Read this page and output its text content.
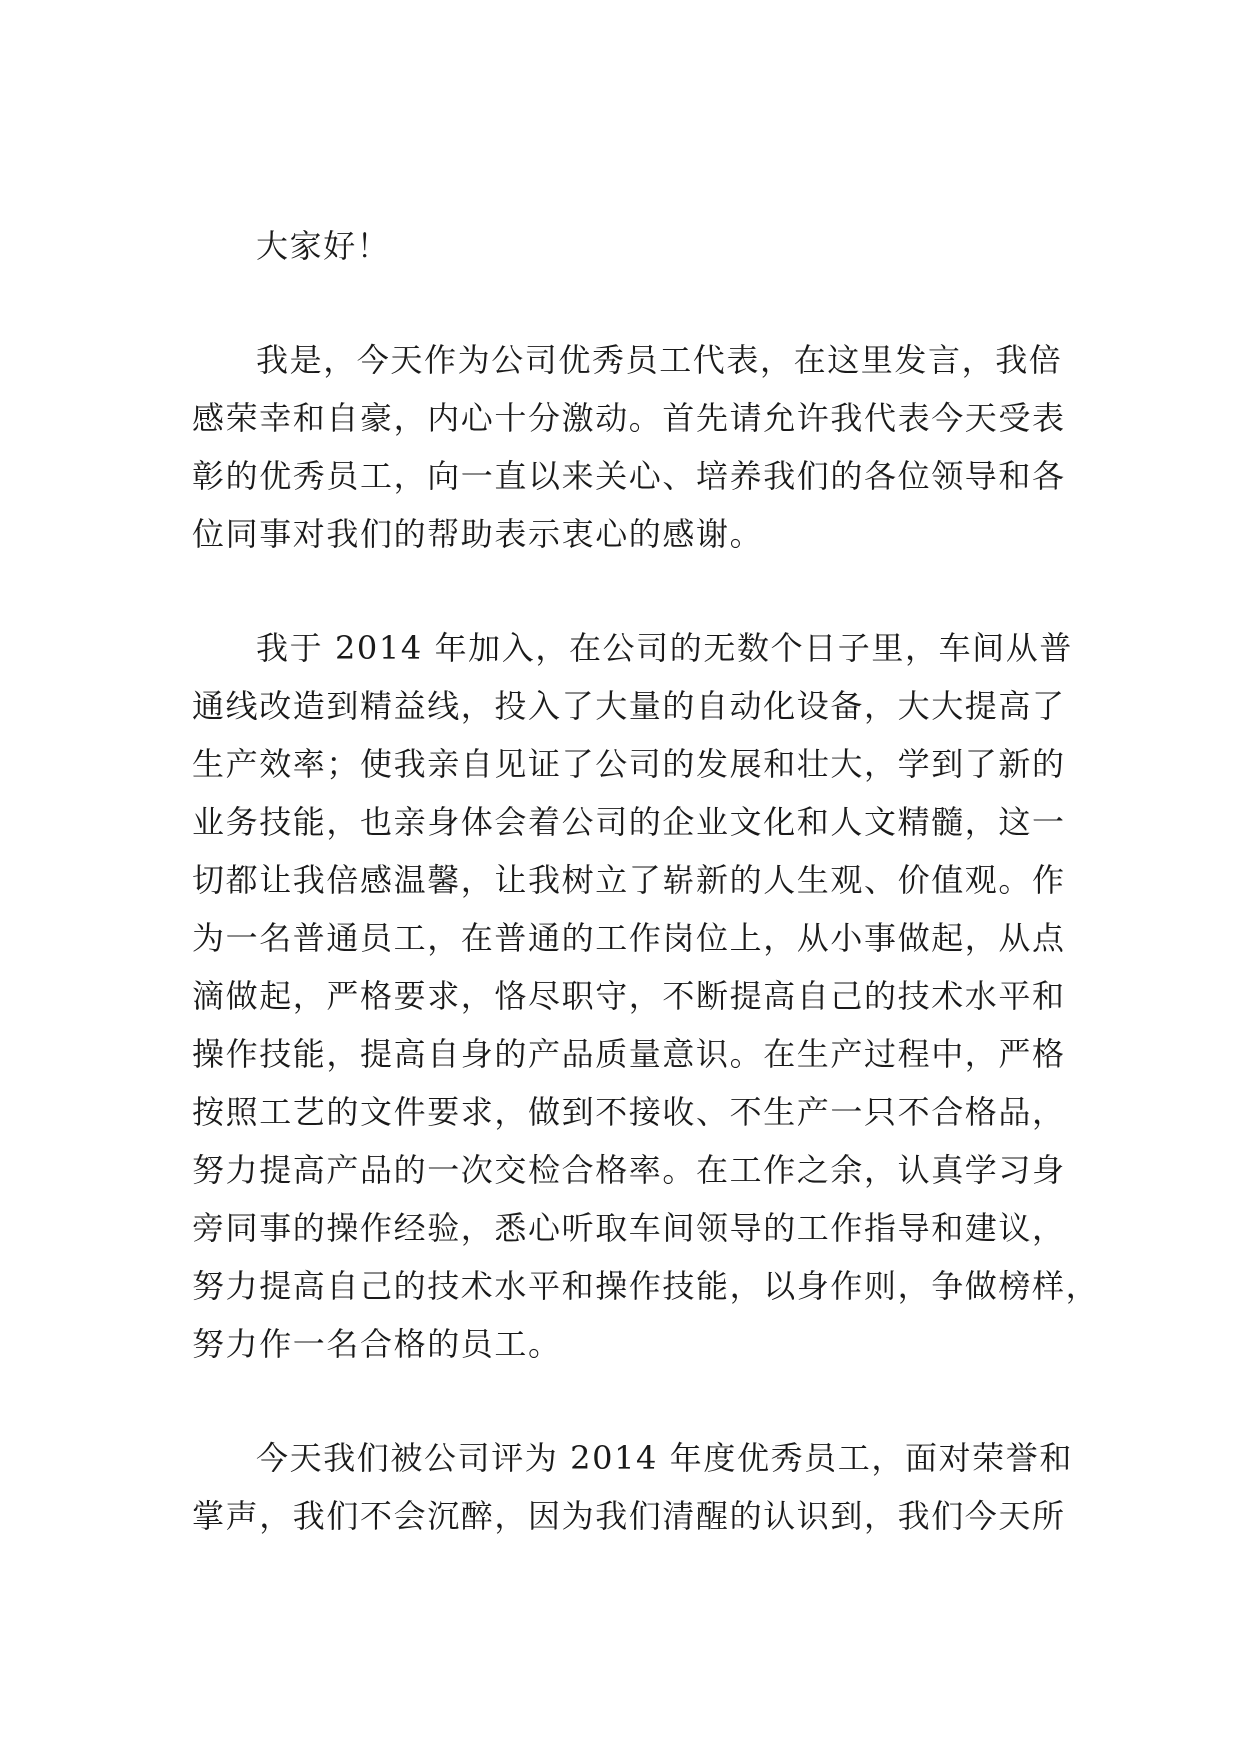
大家好！
我是，今天作为公司优秀员工代表，在这里发言，我倍
感荣幸和自豪，内心十分激动。首先请允许我代表今天受表
彰的优秀员工，向一直以来关心、培养我们的各位领导和各
位同事对我们的帮助表示衷心的感谢。
我于 2014 年加入，在公司的无数个日子里，车间从普
通线改造到精益线，投入了大量的自动化设备，大大提高了
生产效率；使我亲自见证了公司的发展和壮大，学到了新的
业务技能，也亲身体会着公司的企业文化和人文精髓，这一
切都让我倍感温馨，让我树立了崭新的人生观、价值观。作
为一名普通员工，在普通的工作岗位上，从小事做起，从点
滴做起，严格要求，恪尽职守，不断提高自己的技术水平和
操作技能，提高自身的产品质量意识。在生产过程中，严格
按照工艺的文件要求，做到不接收、不生产一只不合格品，
努力提高产品的一次交检合格率。在工作之余，认真学习身
旁同事的操作经验，悉心听取车间领导的工作指导和建议，
努力提高自己的技术水平和操作技能，以身作则，争做榜样，
努力作一名合格的员工。
今天我们被公司评为 2014 年度优秀员工，面对荣誉和
掌声，我们不会沉醉，因为我们清醒的认识到，我们今天所
